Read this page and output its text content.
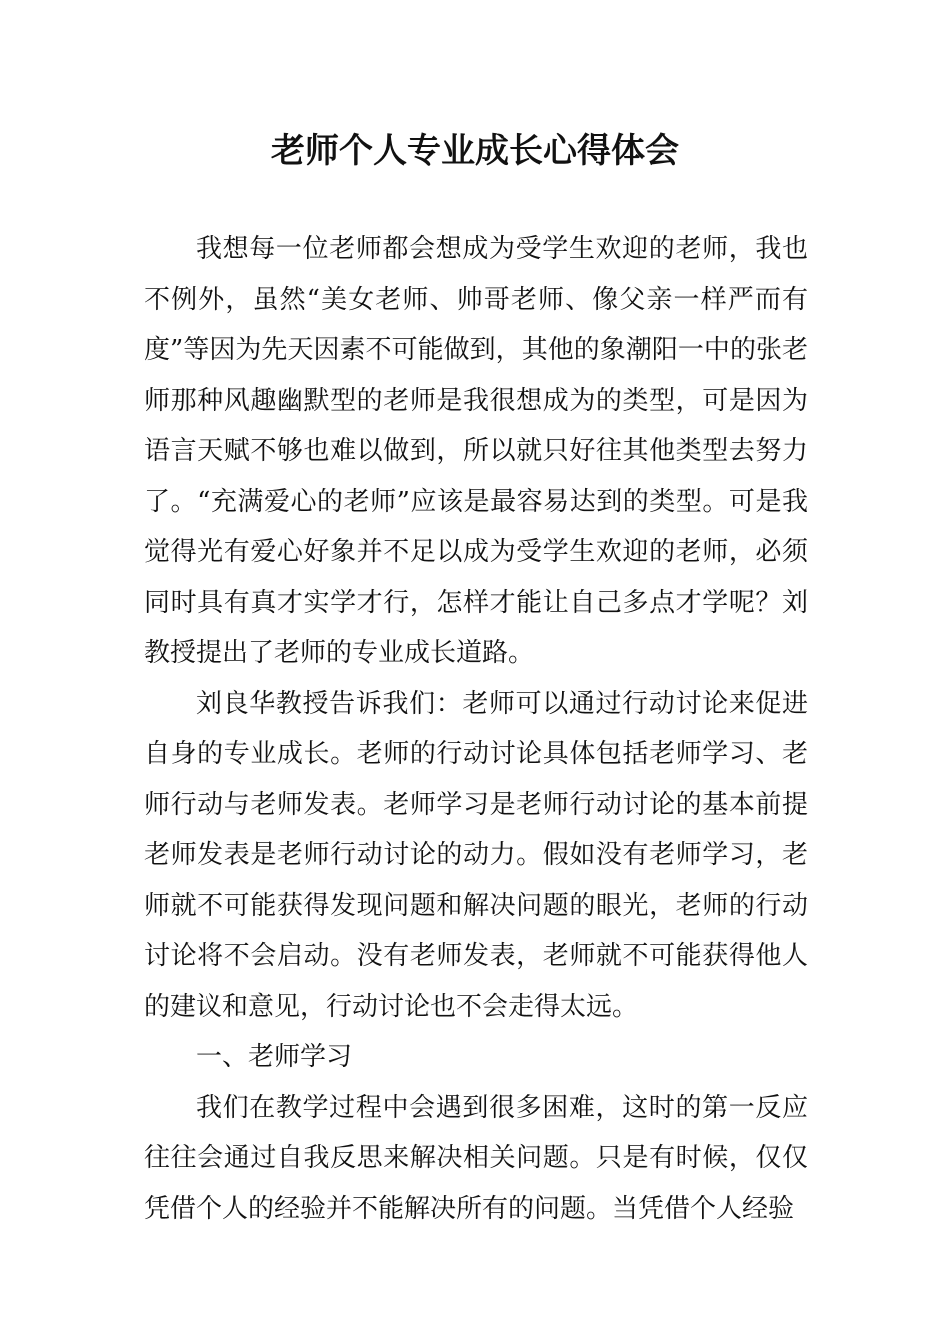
老师个人专业成长心得体会

我想每一位老师都会想成为受学生欢迎的老师，我也不例外，虽然“美女老师、帅哥老师、像父亲一样严而有度”等因为先天因素不可能做到，其他的象潮阳一中的张老师那种风趣幽默型的老师是我很想成为的类型，可是因为语言天赋不够也难以做到，所以就只好往其他类型去努力了。“充满爱心的老师”应该是最容易达到的类型。可是我觉得光有爱心好象并不足以成为受学生欢迎的老师，必须同时具有真才实学才行，怎样才能让自己多点才学呢？刘教授提出了老师的专业成长道路。

刘良华教授告诉我们：老师可以通过行动讨论来促进自身的专业成长。老师的行动讨论具体包括老师学习、老师行动与老师发表。老师学习是老师行动讨论的基本前提老师发表是老师行动讨论的动力。假如没有老师学习，老师就不可能获得发现问题和解决问题的眼光，老师的行动讨论将不会启动。没有老师发表，老师就不可能获得他人的建议和意见，行动讨论也不会走得太远。

一、老师学习

我们在教学过程中会遇到很多困难，这时的第一反应往往会通过自我反思来解决相关问题。只是有时候，仅仅凭借个人的经验并不能解决所有的问题。当凭借个人经验
